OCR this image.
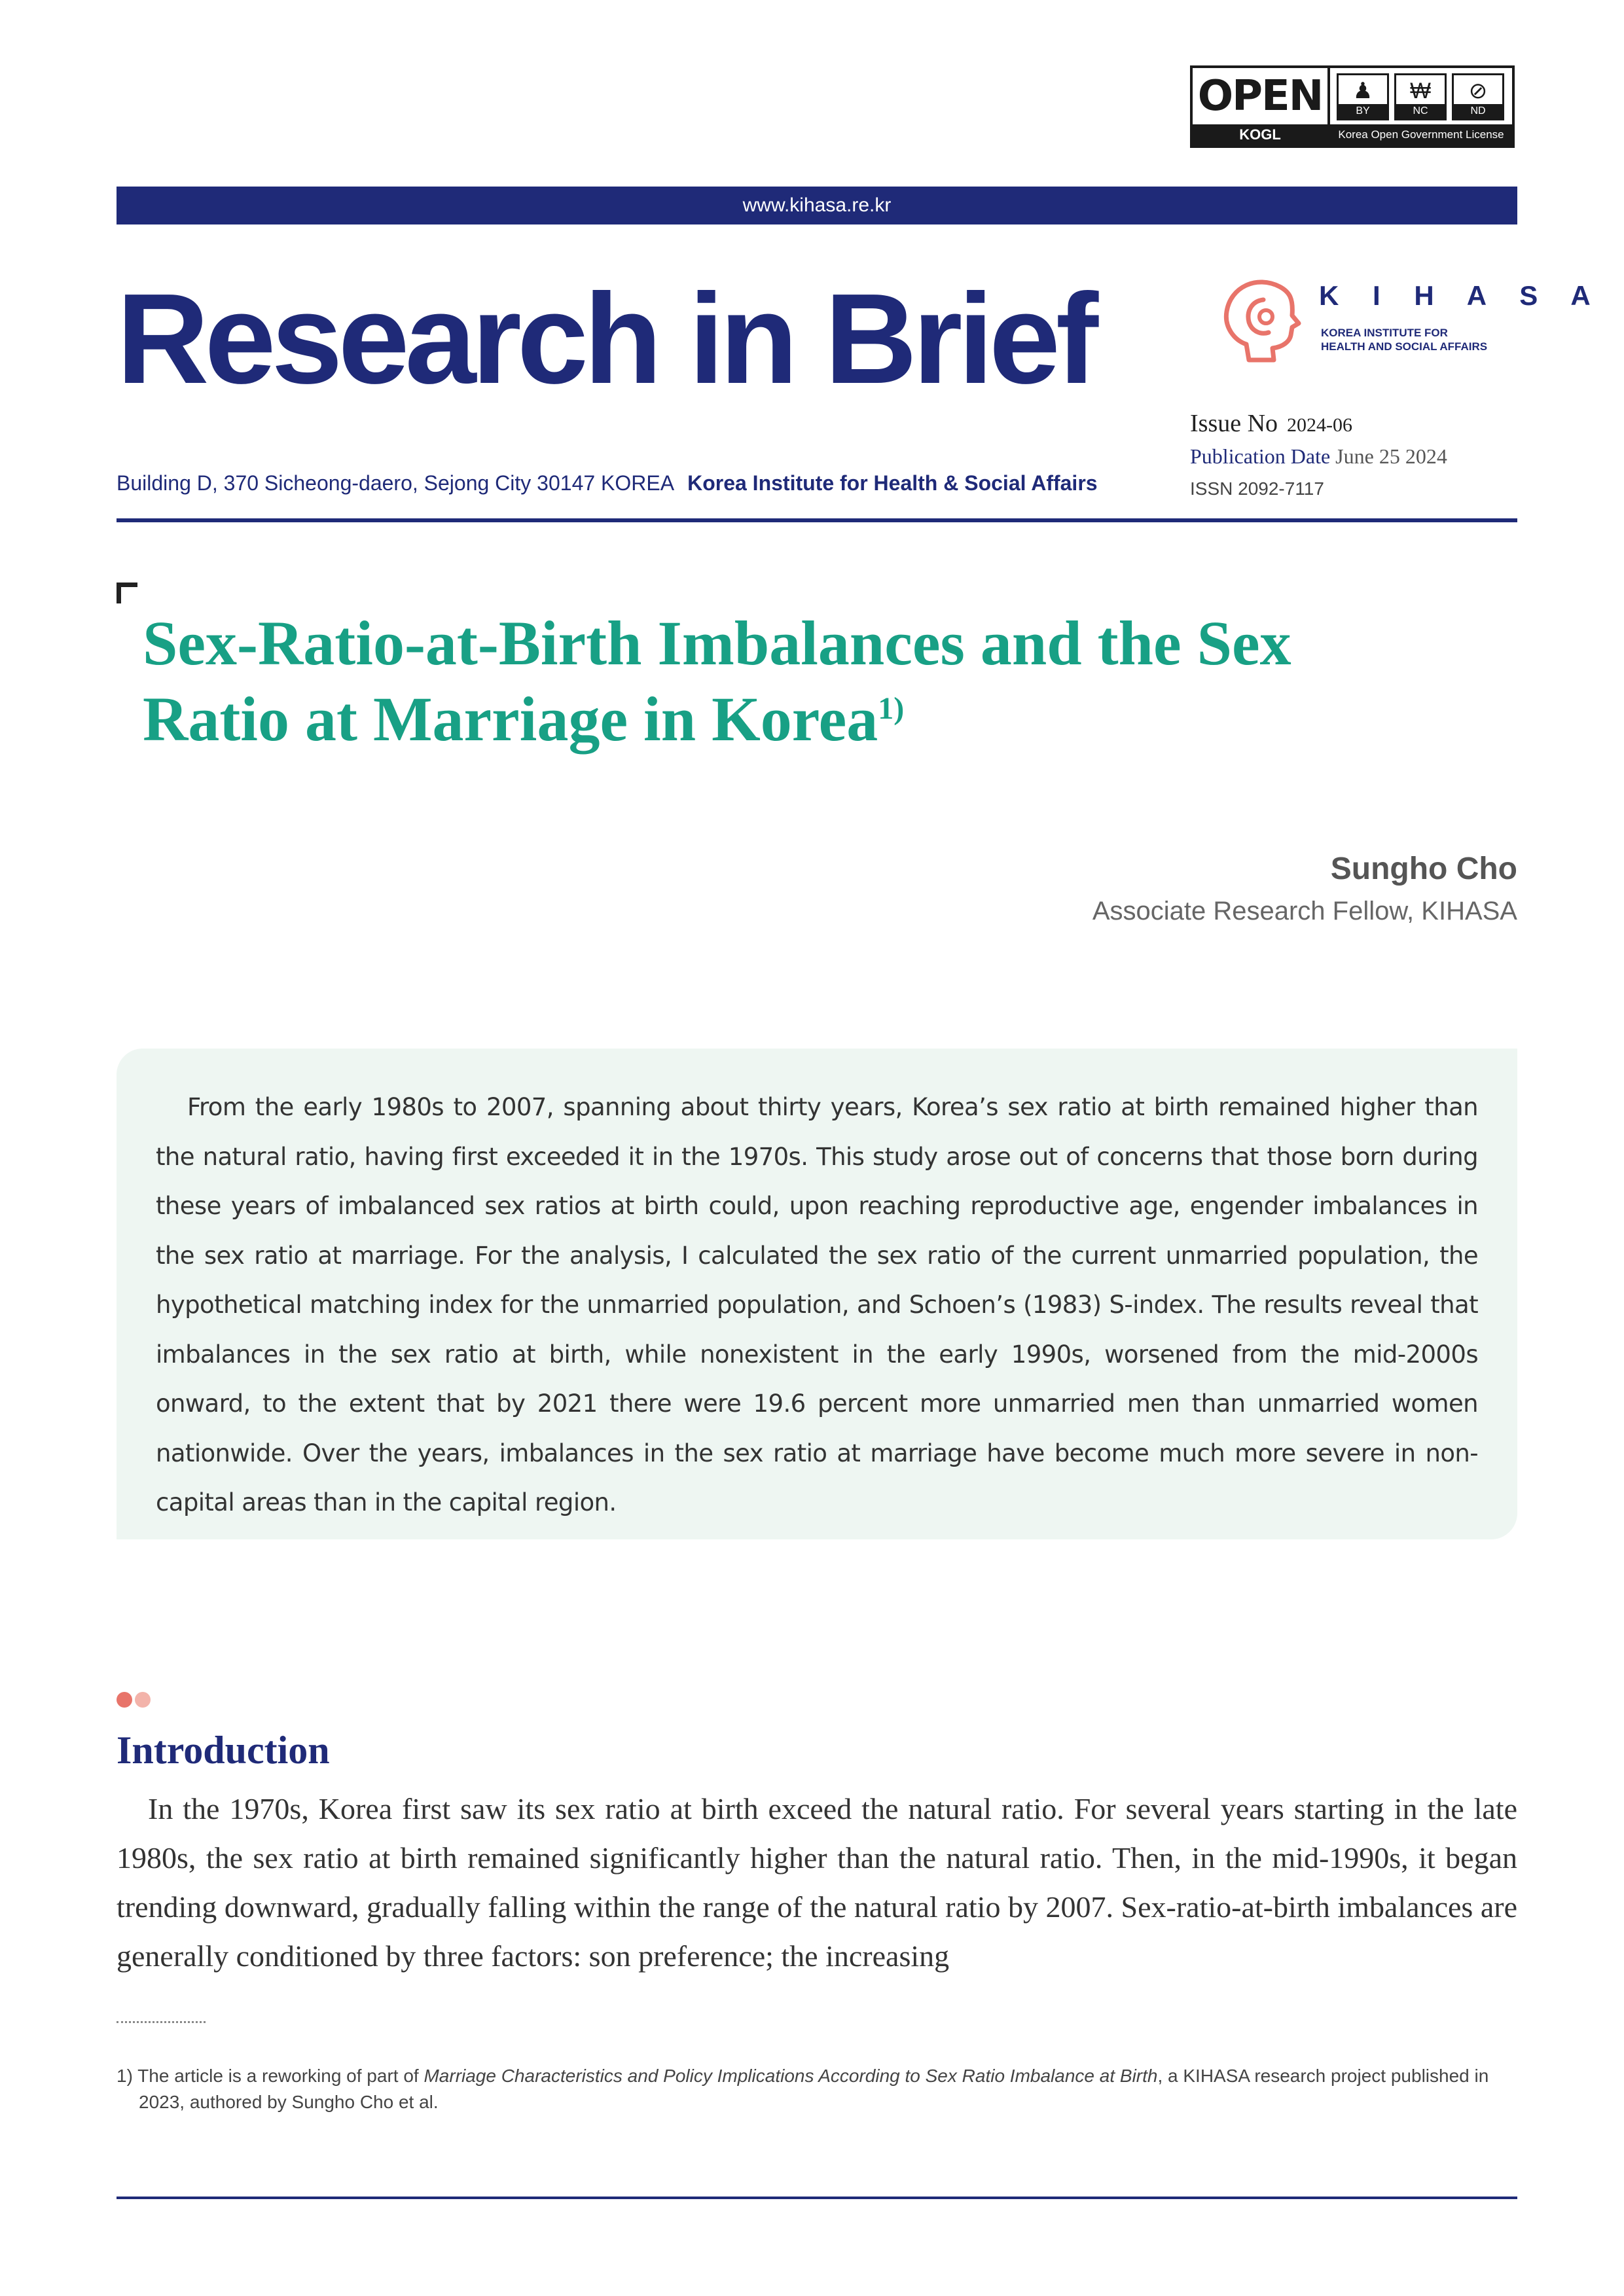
OPEN
KOGL
♟
BY
₩
NC
⊘
ND
Korea Open Government License
www.kihasa.re.kr
Research in Brief	K I H A S A
KOREA INSTITUTE FOR
HEALTH AND SOCIAL AFFAIRS
Issue No 2024-06
Publication Date June 25 2024
ISSN 2092-7117
Building D, 370 Sicheong-daero, Sejong City 30147 KOREA Korea Institute for Health & Social Affairs
Sex-Ratio-at-Birth Imbalances and the Sex
Ratio at Marriage in Korea$^{1)}$
Sungho Cho
Associate Research Fellow, KIHASA

From the early 1980s to 2007, spanning about thirty years, Korea’s sex ratio at birth remained higher than the natural ratio, having first exceeded it in the 1970s. This study arose out of concerns that those born during these years of imbalanced sex ratios at birth could, upon reaching reproductive age, engender imbalances in the sex ratio at marriage. For the analysis, I calculated the sex ratio of the current unmarried population, the hypothetical matching index for the unmarried population, and Schoen’s (1983) S-index. The results reveal that imbalances in the sex ratio at birth, while nonexistent in the early 1990s, worsened from the mid-2000s onward, to the extent that by 2021 there were 19.6 percent more unmarried men than unmarried women nationwide. Over the years, imbalances in the sex ratio at marriage have become much more severe in non-capital areas than in the capital region.

Introduction

In the 1970s, Korea first saw its sex ratio at birth exceed the natural ratio. For several years starting in the late 1980s, the sex ratio at birth remained significantly higher than the natural ratio. Then, in the mid-1990s, it began trending downward, gradually falling within the range of the natural ratio by 2007. Sex-ratio-at-birth imbalances are generally conditioned by three factors: son preference; the increasing

1) The article is a reworking of part of Marriage Characteristics and Policy Implications According to Sex Ratio Imbalance at Birth, a KIHASA research project published in 2023, authored by Sungho Cho et al.
